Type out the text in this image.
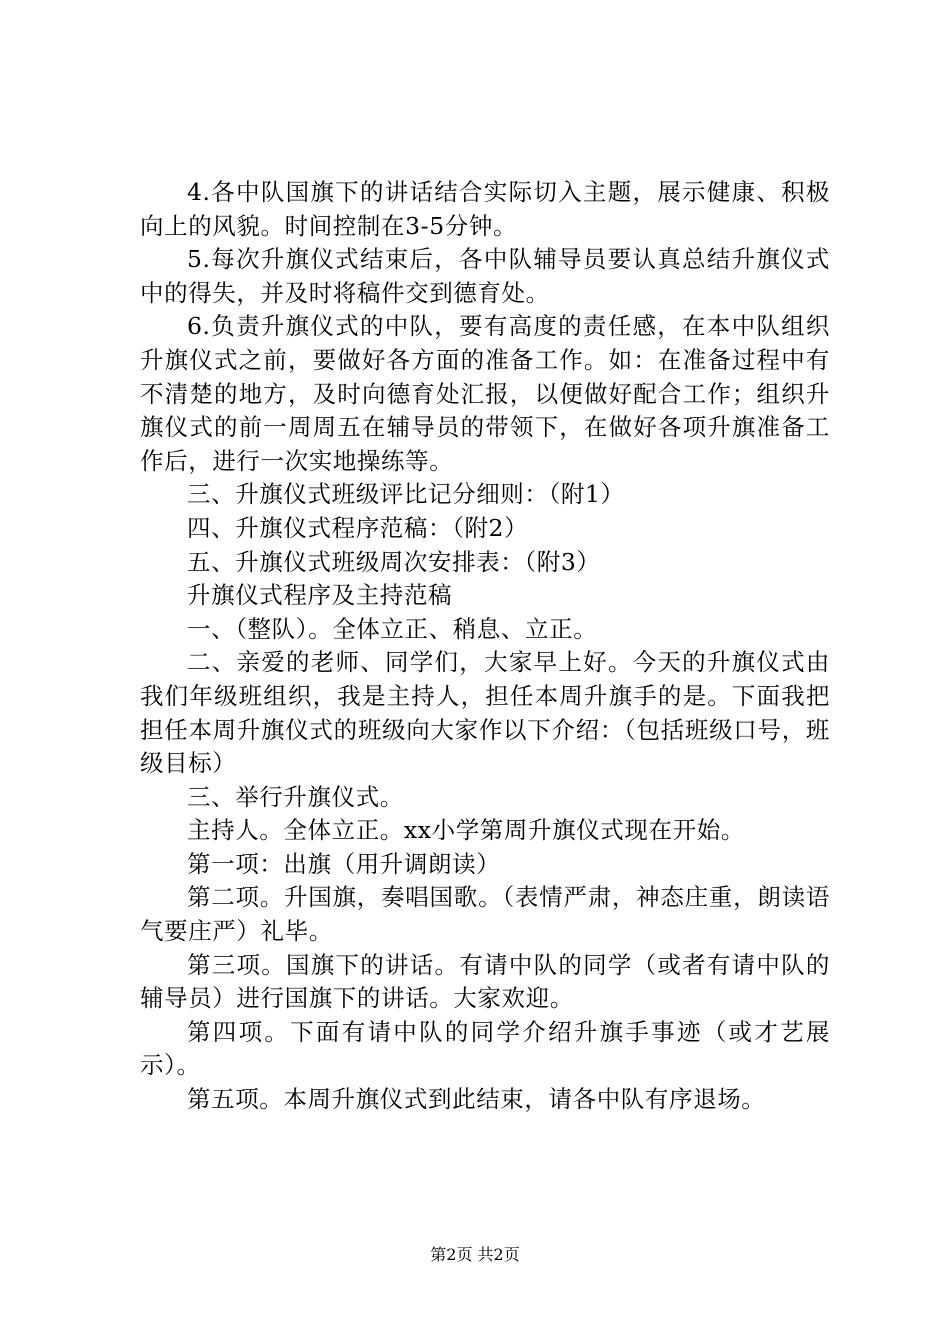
4.各中队国旗下的讲话结合实际切入主题，展示健康、积极向上的风貌。时间控制在3-5分钟。

5.每次升旗仪式结束后，各中队辅导员要认真总结升旗仪式中的得失，并及时将稿件交到德育处。

6.负责升旗仪式的中队，要有高度的责任感，在本中队组织升旗仪式之前，要做好各方面的准备工作。如：在准备过程中有不清楚的地方，及时向德育处汇报，以便做好配合工作；组织升旗仪式的前一周周五在辅导员的带领下，在做好各项升旗准备工作后，进行一次实地操练等。

三、升旗仪式班级评比记分细则：（附1）

四、升旗仪式程序范稿：（附2）

五、升旗仪式班级周次安排表：（附3）

升旗仪式程序及主持范稿

一、（整队）。全体立正、稍息、立正。

二、亲爱的老师、同学们，大家早上好。今天的升旗仪式由我们年级班组织，我是主持人，担任本周升旗手的是。下面我把担任本周升旗仪式的班级向大家作以下介绍：（包括班级口号，班级目标）

三、举行升旗仪式。

主持人。全体立正。xx小学第周升旗仪式现在开始。

第一项：出旗（用升调朗读）

第二项。升国旗，奏唱国歌。（表情严肃，神态庄重，朗读语气要庄严）礼毕。

第三项。国旗下的讲话。有请中队的同学（或者有请中队的辅导员）进行国旗下的讲话。大家欢迎。

第四项。下面有请中队的同学介绍升旗手事迹（或才艺展示）。

第五项。本周升旗仪式到此结束，请各中队有序退场。

第2页 共2页
